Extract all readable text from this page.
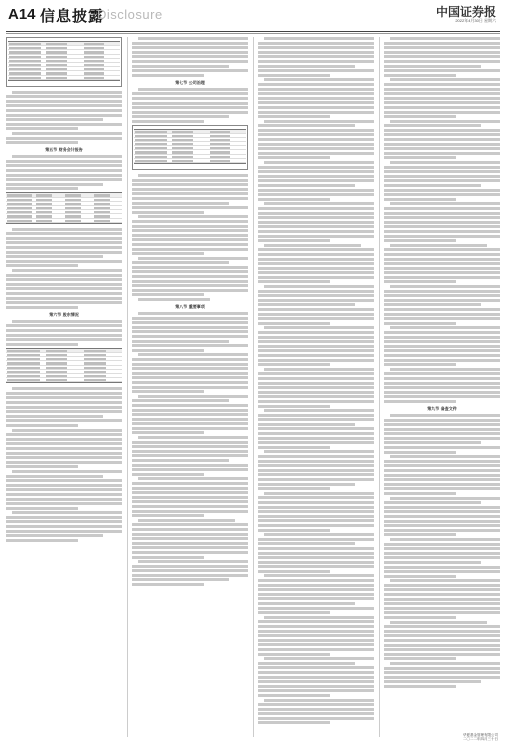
A14 信息披露
Disclosure	中国证券报
2022年4月30日 星期六
第五节 财务会计报告
第六节 股东情况
第七节 公司治理
第八节 重要事项
第九节 备查文件
华夏基金管理有限公司
二〇二二年四月三十日
